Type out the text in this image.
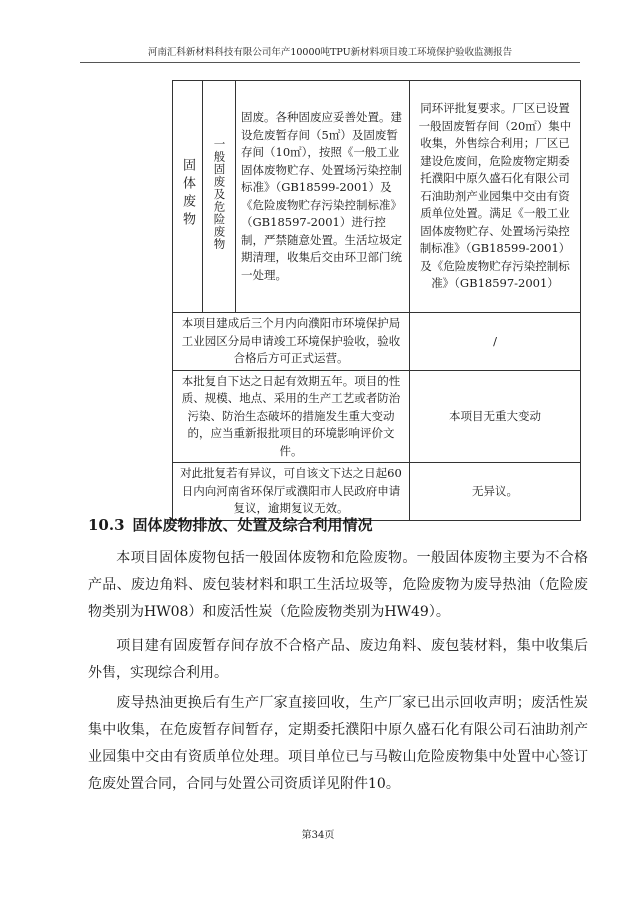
河南汇科新材料科技有限公司年产10000吨TPU新材料项目竣工环境保护验收监测报告
固体废物	一般固废及危险废物	固废。各种固废应妥善处置。建设危废暂存间（5㎡）及固废暂存间（10㎡），按照《一般工业固体废物贮存、处置场污染控制标准》（GB18599-2001）及《危险废物贮存污染控制标准》（GB18597-2001）进行控制，严禁随意处置。生活垃圾定期清理，收集后交由环卫部门统一处理。	同环评批复要求。厂区已设置一般固废暂存间（20㎡）集中收集，外售综合利用；厂区已建设危废间，危险废物定期委托濮阳中原久盛石化有限公司石油助剂产业园集中交由有资质单位处置。满足《一般工业固体废物贮存、处置场污染控制标准》（GB18599-2001）及《危险废物贮存污染控制标准》（GB18597-2001）
本项目建成后三个月内向濮阳市环境保护局工业园区分局申请竣工环境保护验收，验收合格后方可正式运营。			/
本批复自下达之日起有效期五年。项目的性质、规模、地点、采用的生产工艺或者防治污染、防治生态破坏的措施发生重大变动的，应当重新报批项目的环境影响评价文件。			本项目无重大变动
对此批复若有异议，可自该文下达之日起60日内向河南省环保厅或濮阳市人民政府申请复议，逾期复议无效。			无异议。
10.3 固体废物排放、处置及综合利用情况
本项目固体废物包括一般固体废物和危险废物。一般固体废物主要为不合格产品、废边角料、废包装材料和职工生活垃圾等，危险废物为废导热油（危险废物类别为HW08）和废活性炭（危险废物类别为HW49）。
项目建有固废暂存间存放不合格产品、废边角料、废包装材料，集中收集后外售，实现综合利用。
废导热油更换后有生产厂家直接回收，生产厂家已出示回收声明；废活性炭集中收集，在危废暂存间暂存，定期委托濮阳中原久盛石化有限公司石油助剂产业园集中交由有资质单位处理。项目单位已与马鞍山危险废物集中处置中心签订危废处置合同，合同与处置公司资质详见附件10。
第34页
